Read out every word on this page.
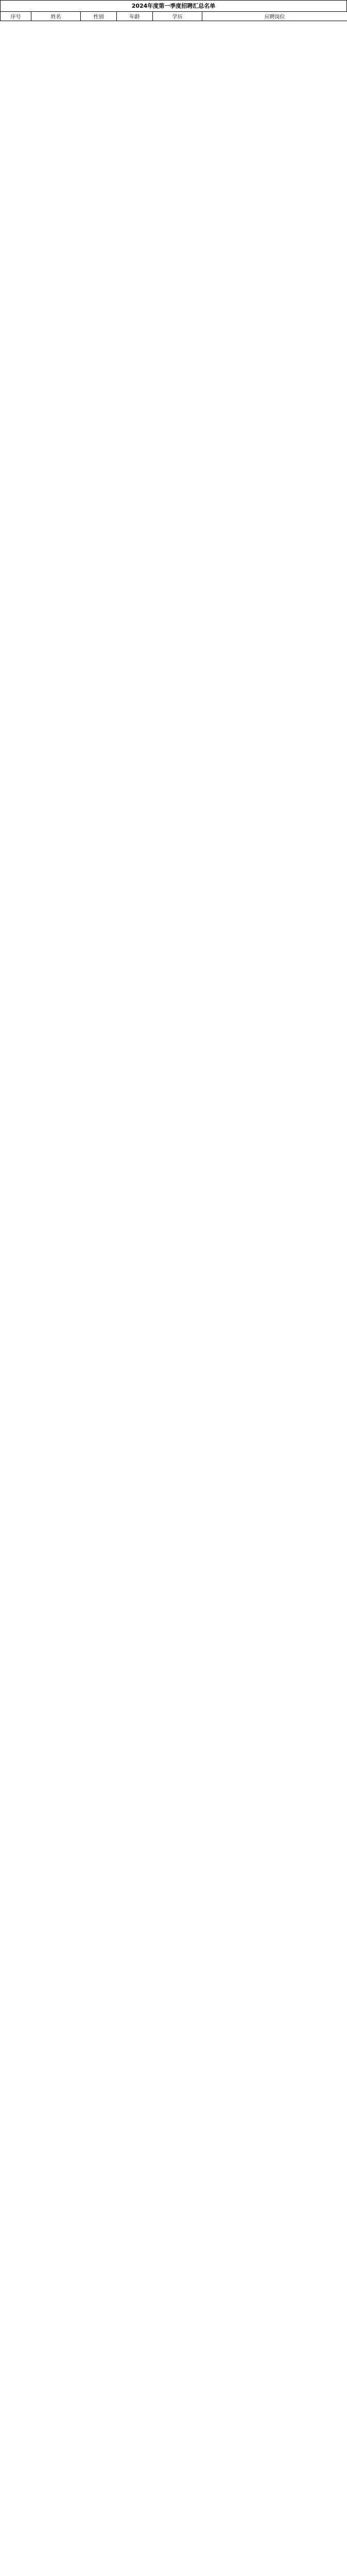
2024年度第一季度招聘汇总名单
序号	姓名	性别	年龄	学历	应聘岗位
